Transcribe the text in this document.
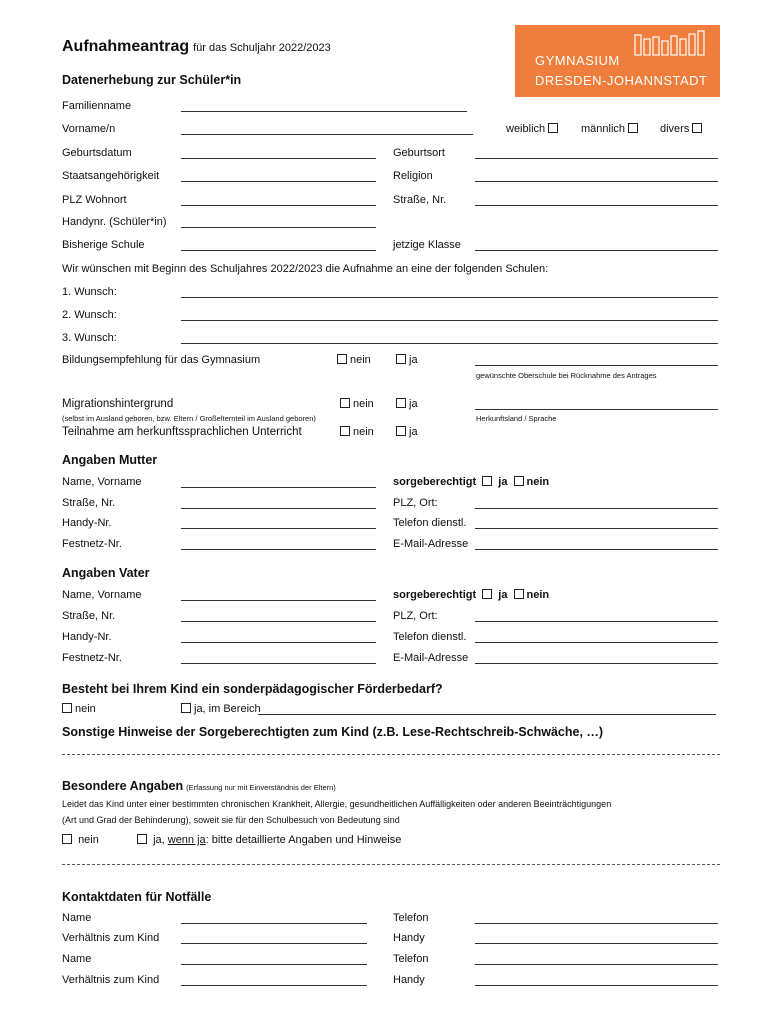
Aufnahmeantrag für das Schuljahr 2022/2023
GYMNASIUM
DRESDEN-JOHANNSTADT
Datenerhebung zur Schüler*in
Familienname
Vorname/n	weiblich	männlich	divers
Geburtsdatum	Geburtsort
Staatsangehörigkeit	Religion
PLZ Wohnort	Straße, Nr.
Handynr. (Schüler*in)
Bisherige Schule	jetzige Klasse
Wir wünschen mit Beginn des Schuljahres 2022/2023 die Aufnahme an eine der folgenden Schulen:
1. Wunsch:
2. Wunsch:
3. Wunsch:
Bildungsempfehlung für das Gymnasium	nein	ja
gewünschte Oberschule bei Rücknahme des Antrages
Migrationshintergrund	nein	ja
(selbst im Ausland geboren, bzw. Eltern / Großelternteil im Ausland geboren)	Herkunftsland / Sprache
Teilnahme am herkunftssprachlichen Unterricht	nein	ja
Angaben Mutter
Name, Vorname	sorgeberechtigt ja nein
Straße, Nr.	PLZ, Ort:
Handy-Nr.	Telefon dienstl.
Festnetz-Nr.	E-Mail-Adresse
Angaben Vater
Name, Vorname	sorgeberechtigt ja nein
Straße, Nr.	PLZ, Ort:
Handy-Nr.	Telefon dienstl.
Festnetz-Nr.	E-Mail-Adresse
Besteht bei Ihrem Kind ein sonderpädagogischer Förderbedarf?
nein	ja, im Bereich
Sonstige Hinweise der Sorgeberechtigten zum Kind (z.B. Lese-Rechtschreib-Schwäche, …)
Besondere Angaben (Erfassung nur mit Einverständnis der Eltern)
Leidet das Kind unter einer bestimmten chronischen Krankheit, Allergie, gesundheitlichen Auffälligkeiten oder anderen Beeinträchtigungen
(Art und Grad der Behinderung), soweit sie für den Schulbesuch von Bedeutung sind
nein	ja, wenn ja: bitte detaillierte Angaben und Hinweise
Kontaktdaten für Notfälle
Name	Telefon
Verhältnis zum Kind	Handy
Name	Telefon
Verhältnis zum Kind	Handy
